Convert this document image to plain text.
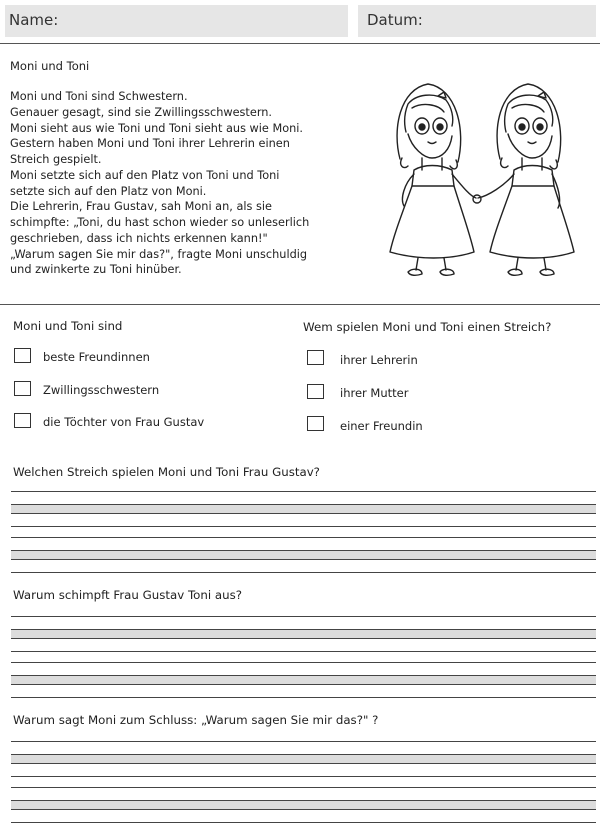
Name:	Datum:
Moni und Toni
Moni und Toni sind Schwestern.
Genauer gesagt, sind sie Zwillingsschwestern.
Moni sieht aus wie Toni und Toni sieht aus wie Moni.
Gestern haben Moni und Toni ihrer Lehrerin einen
Streich gespielt.
Moni setzte sich auf den Platz von Toni und Toni
setzte sich auf den Platz von Moni.
Die Lehrerin, Frau Gustav, sah Moni an, als sie
schimpfte: „Toni, du hast schon wieder so unleserlich
geschrieben, dass ich nichts erkennen kann!"
„Warum sagen Sie mir das?", fragte Moni unschuldig
und zwinkerte zu Toni hinüber.
Moni und Toni sind
beste Freundinnen
Zwillingsschwestern
die Töchter von Frau Gustav
Wem spielen Moni und Toni einen Streich?
ihrer Lehrerin
ihrer Mutter
einer Freundin
Welchen Streich spielen Moni und Toni Frau Gustav?
Warum schimpft Frau Gustav Toni aus?
Warum sagt Moni zum Schluss: „Warum sagen Sie mir das?" ?
